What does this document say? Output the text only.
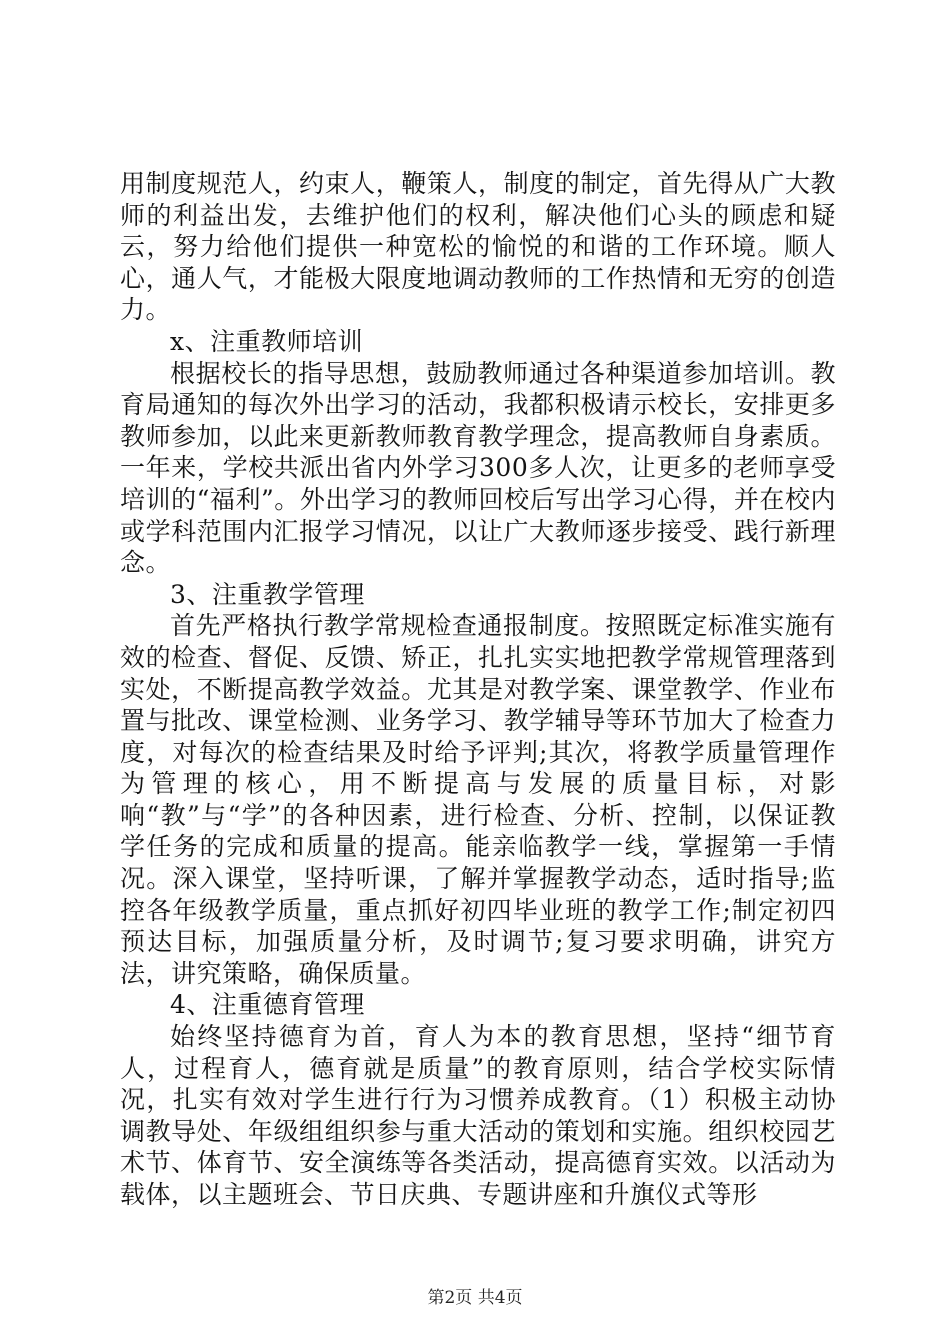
用制度规范人，约束人，鞭策人，制度的制定，首先得从广大教师的利益出发，去维护他们的权利，解决他们心头的顾虑和疑云，努力给他们提供一种宽松的愉悦的和谐的工作环境。顺人心，通人气，才能极大限度地调动教师的工作热情和无穷的创造力。

x、注重教师培训

根据校长的指导思想，鼓励教师通过各种渠道参加培训。教育局通知的每次外出学习的活动，我都积极请示校长，安排更多教师参加，以此来更新教师教育教学理念，提高教师自身素质。一年来，学校共派出省内外学习300多人次，让更多的老师享受培训的“福利”。外出学习的教师回校后写出学习心得，并在校内或学科范围内汇报学习情况，以让广大教师逐步接受、践行新理念。

3、注重教学管理

首先严格执行教学常规检查通报制度。按照既定标准实施有效的检查、督促、反馈、矫正，扎扎实实地把教学常规管理落到实处，不断提高教学效益。尤其是对教学案、课堂教学、作业布置与批改、课堂检测、业务学习、教学辅导等环节加大了检查力度，对每次的检查结果及时给予评判;其次，将教学质量管理作为管理的核心，用不断提高与发展的质量目标，对影响“教”与“学”的各种因素，进行检查、分析、控制，以保证教学任务的完成和质量的提高。能亲临教学一线，掌握第一手情况。深入课堂，坚持听课，了解并掌握教学动态，适时指导;监控各年级教学质量，重点抓好初四毕业班的教学工作;制定初四预达目标，加强质量分析，及时调节;复习要求明确，讲究方法，讲究策略，确保质量。

4、注重德育管理

始终坚持德育为首，育人为本的教育思想，坚持“细节育人，过程育人，德育就是质量”的教育原则，结合学校实际情况，扎实有效对学生进行行为习惯养成教育。（1）积极主动协调教导处、年级组组织参与重大活动的策划和实施。组织校园艺术节、体育节、安全演练等各类活动，提高德育实效。以活动为载体，以主题班会、节日庆典、专题讲座和升旗仪式等形

第2页 共4页
